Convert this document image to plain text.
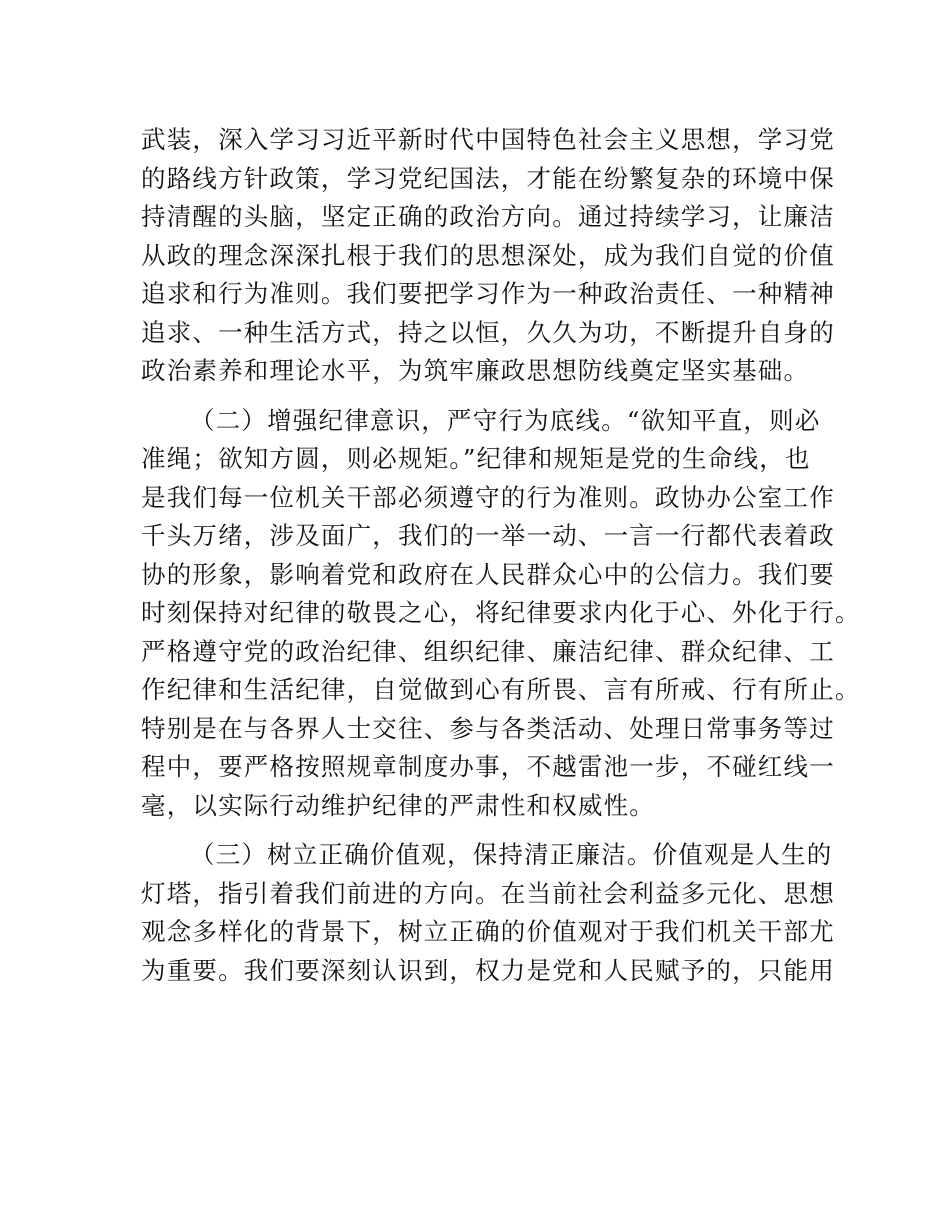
武装，深入学习习近平新时代中国特色社会主义思想，学习党
的路线方针政策，学习党纪国法，才能在纷繁复杂的环境中保
持清醒的头脑，坚定正确的政治方向。通过持续学习，让廉洁
从政的理念深深扎根于我们的思想深处，成为我们自觉的价值
追求和行为准则。我们要把学习作为一种政治责任、一种精神
追求、一种生活方式，持之以恒，久久为功，不断提升自身的
政治素养和理论水平，为筑牢廉政思想防线奠定坚实基础。
（二）增强纪律意识，严守行为底线。“欲知平直，则必
准绳；欲知方圆，则必规矩。”纪律和规矩是党的生命线，也
是我们每一位机关干部必须遵守的行为准则。政协办公室工作
千头万绪，涉及面广，我们的一举一动、一言一行都代表着政
协的形象，影响着党和政府在人民群众心中的公信力。我们要
时刻保持对纪律的敬畏之心，将纪律要求内化于心、外化于行。
严格遵守党的政治纪律、组织纪律、廉洁纪律、群众纪律、工
作纪律和生活纪律，自觉做到心有所畏、言有所戒、行有所止。
特别是在与各界人士交往、参与各类活动、处理日常事务等过
程中，要严格按照规章制度办事，不越雷池一步，不碰红线一
毫，以实际行动维护纪律的严肃性和权威性。
（三）树立正确价值观，保持清正廉洁。价值观是人生的
灯塔，指引着我们前进的方向。在当前社会利益多元化、思想
观念多样化的背景下，树立正确的价值观对于我们机关干部尤
为重要。我们要深刻认识到，权力是党和人民赋予的，只能用
